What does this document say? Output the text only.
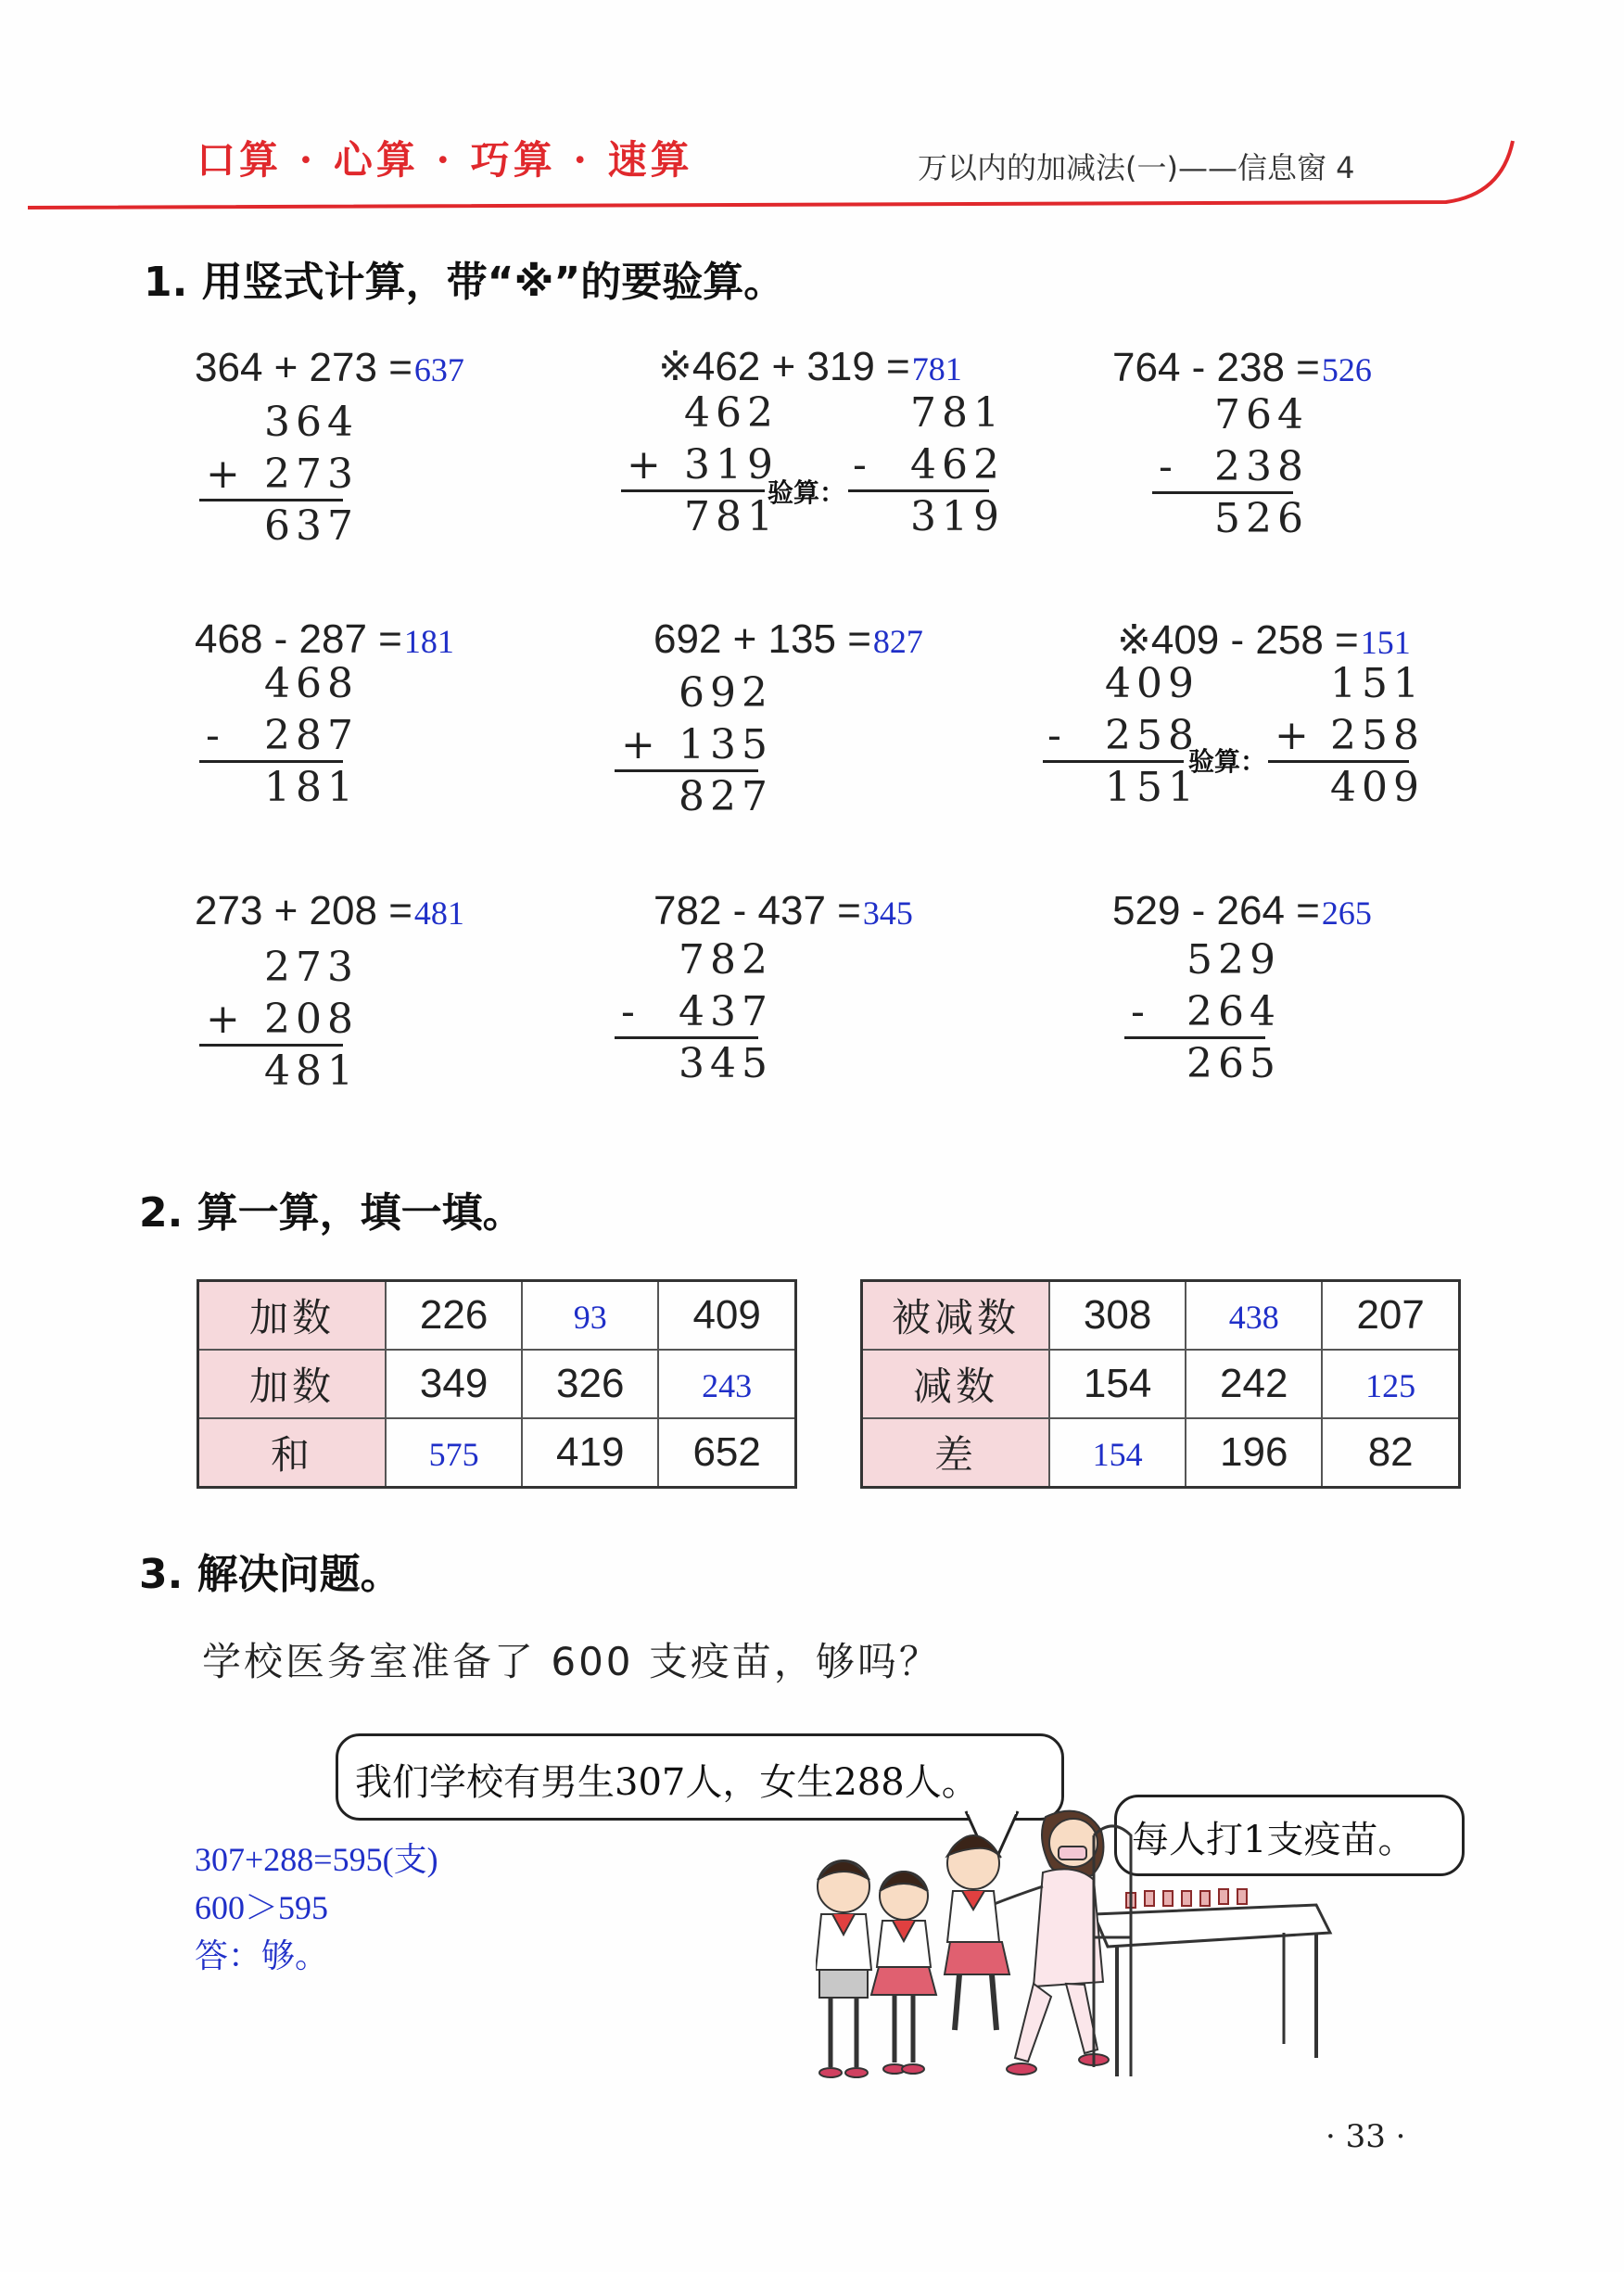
口算 · 心算 · 巧算 · 速算	万以内的加减法(一)——信息窗 4
1. 用竖式计算，带“※”的要验算。
364 + 273 =637
364
+ 273
637
※462 + 319 =781
462
+ 319
781
验算：
781
- 462
319
764 - 238 =526
764
- 238
526
468 - 287 =181
468
- 287
181
692 + 135 =827
692
+ 135
827
※409 - 258 =151
409
- 258
151
验算：
151
+ 258
409
273 + 208 =481
273
+ 208
481
782 - 437 =345
782
- 437
345
529 - 264 =265
529
- 264
265
2. 算一算，填一填。
加数	226	93	409
加数	349	326	243
和	575	419	652
被减数	308	438	207
减数	154	242	125
差	154	196	82
3. 解决问题。
学校医务室准备了 600 支疫苗，够吗？
我们学校有男生307人，女生288人。
每人打1支疫苗。
307+288=595(支)
600＞595
答：够。
· 33 ·
